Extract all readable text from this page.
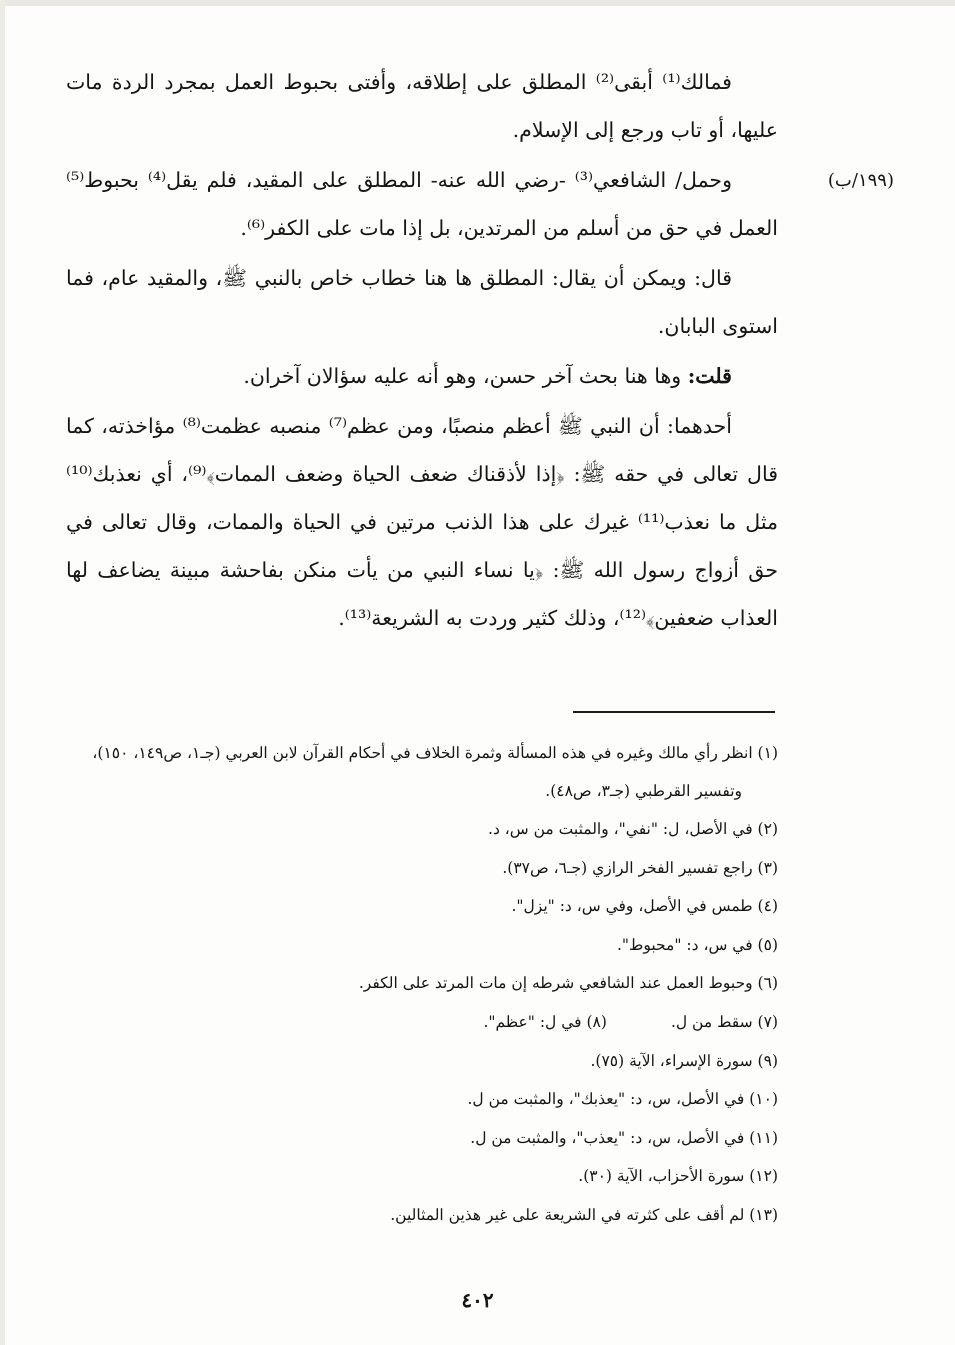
(١٩٩/ب)

فمالك⁽¹⁾ أبقى⁽²⁾ المطلق على إطلاقه، وأفتى بحبوط العمل بمجرد الردة مات عليها، أو تاب ورجع إلى الإسلام.

وحمل/ الشافعي⁽³⁾ -رضي الله عنه- المطلق على المقيد، فلم يقل⁽⁴⁾ بحبوط⁽⁵⁾ العمل في حق من أسلم من المرتدين، بل إذا مات على الكفر⁽⁶⁾.

قال: ويمكن أن يقال: المطلق ها هنا خطاب خاص بالنبي ﷺ، والمقيد عام، فما استوى البابان.

قلت: وها هنا بحث آخر حسن، وهو أنه عليه سؤالان آخران.

أحدهما: أن النبي ﷺ أعظم منصبًا، ومن عظم⁽⁷⁾ منصبه عظمت⁽⁸⁾ مؤاخذته، كما قال تعالى في حقه ﷺ: ﴿إذا لأذقناك ضعف الحياة وضعف الممات﴾⁽⁹⁾، أي نعذبك⁽¹⁰⁾ مثل ما نعذب⁽¹¹⁾ غيرك على هذا الذنب مرتين في الحياة والممات، وقال تعالى في حق أزواج رسول الله ﷺ: ﴿يا نساء النبي من يأت منكن بفاحشة مبينة يضاعف لها العذاب ضعفين﴾⁽¹²⁾، وذلك كثير وردت به الشريعة⁽¹³⁾.

(١) انظر رأي مالك وغيره في هذه المسألة وثمرة الخلاف في أحكام القرآن لابن العربي (جـ١، ص١٤٩، ١٥٠)، وتفسير القرطبي (جـ٣، ص٤٨).

(٢) في الأصل، ل: "نفي"، والمثبت من س، د.

(٣) راجع تفسير الفخر الرازي (جـ٦، ص٣٧).

(٤) طمس في الأصل، وفي س، د: "يزل".

(٥) في س، د: "محبوط".

(٦) وحبوط العمل عند الشافعي شرطه إن مات المرتد على الكفر.

(٧) سقط من ل.(٨) في ل: "عظم".

(٩) سورة الإسراء، الآية (٧٥).

(١٠) في الأصل، س، د: "يعذبك"، والمثبت من ل.

(١١) في الأصل، س، د: "يعذب"، والمثبت من ل.

(١٢) سورة الأحزاب، الآية (٣٠).

(١٣) لم أقف على كثرته في الشريعة على غير هذين المثالين.

٤٠٢
